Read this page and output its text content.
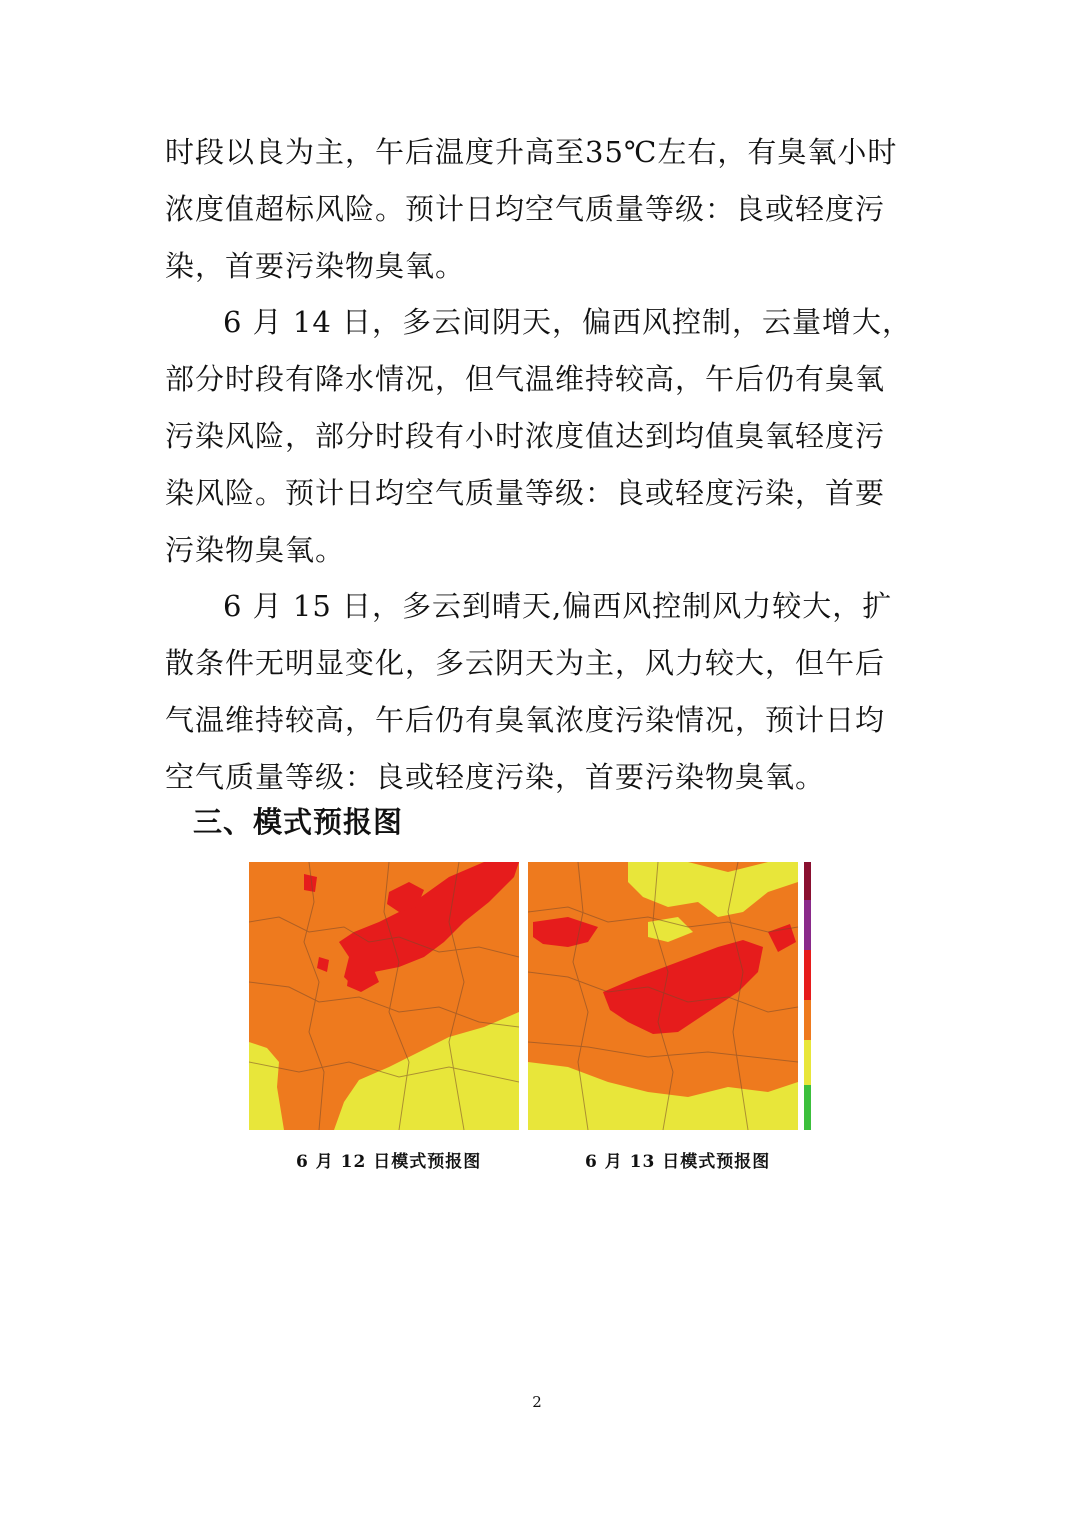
时段以良为主，午后温度升高至35℃左右，有臭氧小时浓度值超标风险。预计日均空气质量等级：良或轻度污染，首要污染物臭氧。

6 月 14 日，多云间阴天，偏西风控制，云量增大，部分时段有降水情况，但气温维持较高，午后仍有臭氧污染风险，部分时段有小时浓度值达到均值臭氧轻度污染风险。预计日均空气质量等级：良或轻度污染，首要污染物臭氧。

6 月 15 日，多云到晴天,偏西风控制风力较大，扩散条件无明显变化，多云阴天为主，风力较大，但午后气温维持较高，午后仍有臭氧浓度污染情况，预计日均空气质量等级：良或轻度污染，首要污染物臭氧。

三、模式预报图
6 月 12 日模式预报图	6 月 13 日模式预报图
2
